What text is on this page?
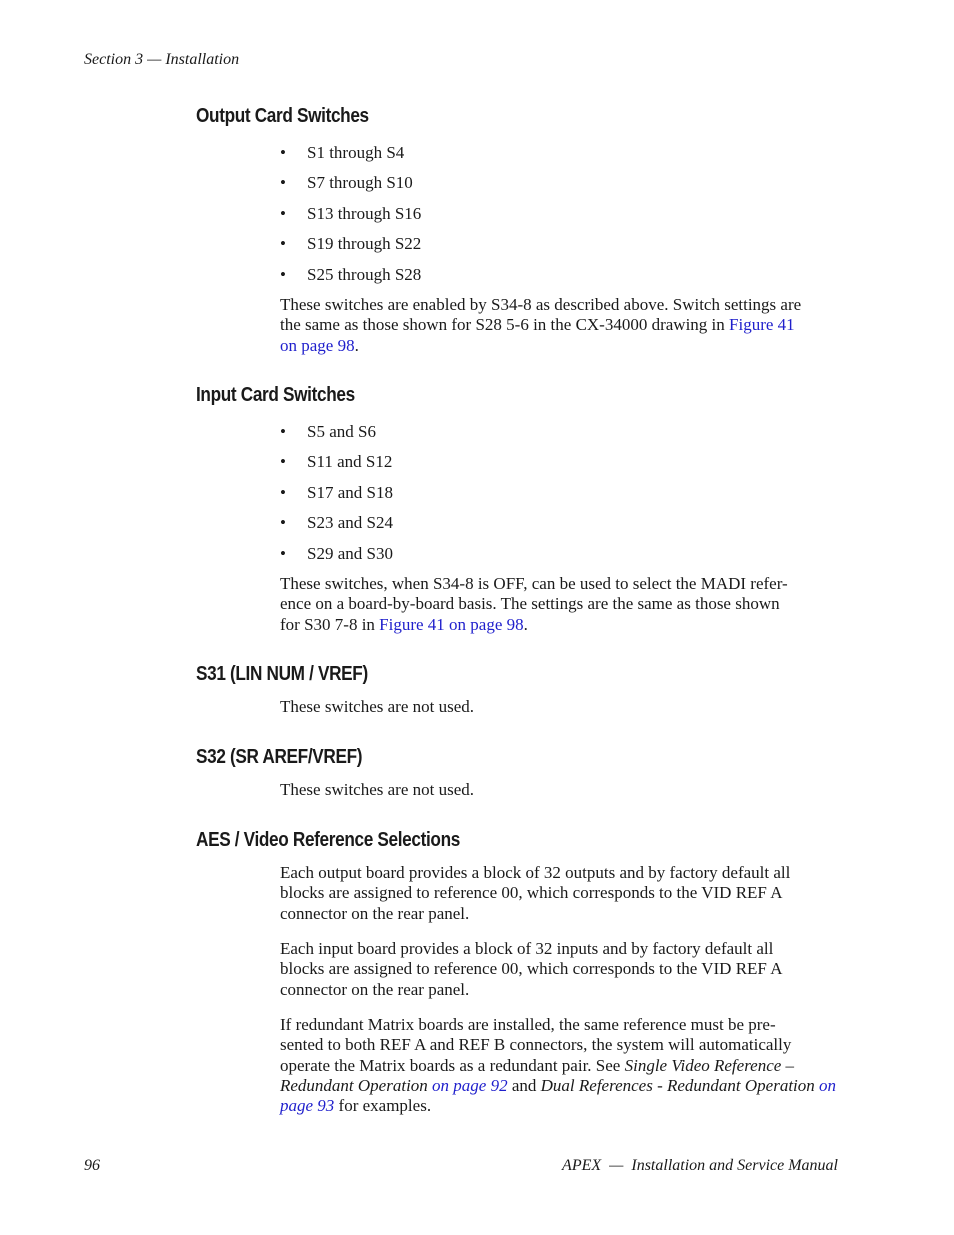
Section 3 — Installation
Output Card Switches
• S1 through S4
• S7 through S10
• S13 through S16
• S19 through S22
• S25 through S28

These switches are enabled by S34-8 as described above. Switch settings are
the same as those shown for S28 5-6 in the CX-34000 drawing in Figure 41
on page 98.

Input Card Switches
• S5 and S6
• S11 and S12
• S17 and S18
• S23 and S24
• S29 and S30

These switches, when S34-8 is OFF, can be used to select the MADI refer-
ence on a board-by-board basis. The settings are the same as those shown
for S30 7-8 in Figure 41 on page 98.

S31 (LIN NUM / VREF)

These switches are not used.

S32 (SR AREF/VREF)

These switches are not used.

AES / Video Reference Selections

Each output board provides a block of 32 outputs and by factory default all
blocks are assigned to reference 00, which corresponds to the VID REF A
connector on the rear panel.

Each input board provides a block of 32 inputs and by factory default all
blocks are assigned to reference 00, which corresponds to the VID REF A
connector on the rear panel.

If redundant Matrix boards are installed, the same reference must be pre-
sented to both REF A and REF B connectors, the system will automatically
operate the Matrix boards as a redundant pair. See Single Video Reference –
Redundant Operation on page 92 and Dual References - Redundant Operation on
page 93 for examples.

96	APEX  —  Installation and Service Manual
